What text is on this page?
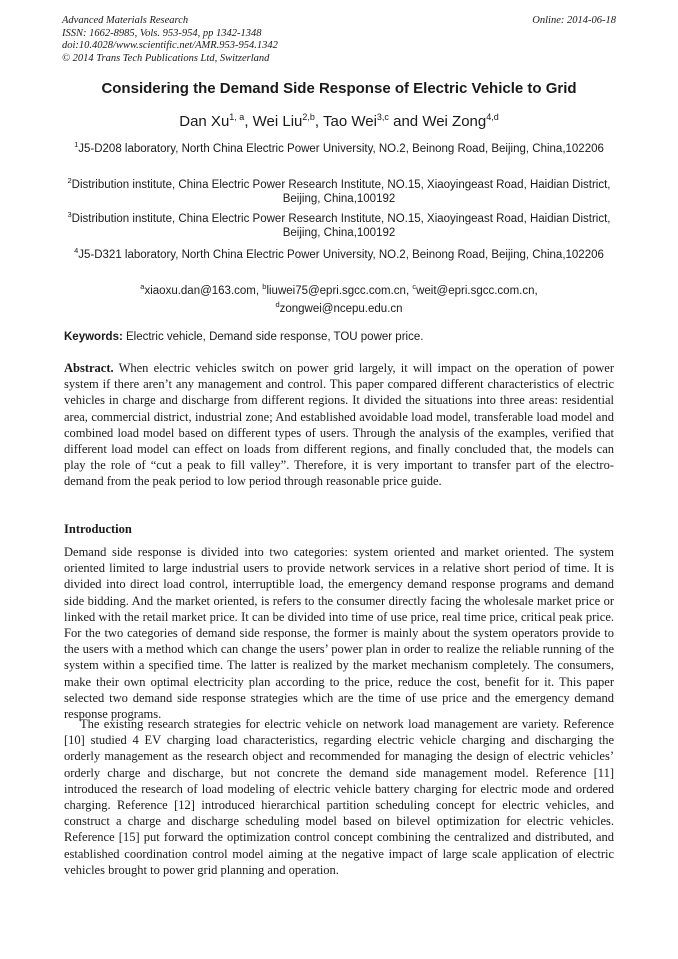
Advanced Materials Research
ISSN: 1662-8985, Vols. 953-954, pp 1342-1348
doi:10.4028/www.scientific.net/AMR.953-954.1342
© 2014 Trans Tech Publications Ltd, Switzerland
Online: 2014-06-18
Considering the Demand Side Response of Electric Vehicle to Grid
Dan Xu$^{1, a}$, Wei Liu$^{2,b}$, Tao Wei$^{3,c}$ and Wei Zong$^{4,d}$
$^1$J5-D208 laboratory, North China Electric Power University, NO.2, Beinong Road, Beijing, China,102206
$^2$Distribution institute, China Electric Power Research Institute, NO.15, Xiaoyingeast Road, Haidian District, Beijing, China,100192
$^3$Distribution institute, China Electric Power Research Institute, NO.15, Xiaoyingeast Road, Haidian District, Beijing, China,100192
$^4$J5-D321 laboratory, North China Electric Power University, NO.2, Beinong Road, Beijing, China,102206
$^a$xiaoxu.dan@163.com, $^b$liuwei75@epri.sgcc.com.cn, $^c$weit@epri.sgcc.com.cn,
$^d$zongwei@ncepu.edu.cn
Keywords: Electric vehicle, Demand side response, TOU power price.
Abstract. When electric vehicles switch on power grid largely, it will impact on the operation of power system if there aren’t any management and control. This paper compared different characteristics of electric vehicles in charge and discharge from different regions. It divided the situations into three areas: residential area, commercial district, industrial zone; And established avoidable load model, transferable load model and combined load model based on different types of users. Through the analysis of the examples, verified that different load model can effect on loads from different regions, and finally concluded that, the models can play the role of “cut a peak to fill valley”. Therefore, it is very important to transfer part of the electro-demand from the peak period to low period through reasonable price guide.
Introduction
Demand side response is divided into two categories: system oriented and market oriented. The system oriented limited to large industrial users to provide network services in a relative short period of time. It is divided into direct load control, interruptible load, the emergency demand response programs and demand side bidding. And the market oriented, is refers to the consumer directly facing the wholesale market price or linked with the retail market price. It can be divided into time of use price, real time price, critical peak price. For the two categories of demand side response, the former is mainly about the system operators provide to the users with a method which can change the users’ power plan in order to realize the reliable running of the system within a specified time. The latter is realized by the market mechanism completely. The consumers, make their own optimal electricity plan according to the price, reduce the cost, benefit for it. This paper selected two demand side response strategies which are the time of use price and the emergency demand response programs.
The existing research strategies for electric vehicle on network load management are variety. Reference [10] studied 4 EV charging load characteristics, regarding electric vehicle charging and discharging the orderly management as the research object and recommended for managing the design of electric vehicles’ orderly charge and discharge, but not concrete the demand side management model. Reference [11] introduced the research of load modeling of electric vehicle battery charging for electric mode and ordered charging. Reference [12] introduced hierarchical partition scheduling concept for electric vehicles, and construct a charge and discharge scheduling model based on bilevel optimization for electric vehicles. Reference [15] put forward the optimization control concept combining the centralized and distributed, and established coordination control model aiming at the negative impact of large scale application of electric vehicles brought to power grid planning and operation.
